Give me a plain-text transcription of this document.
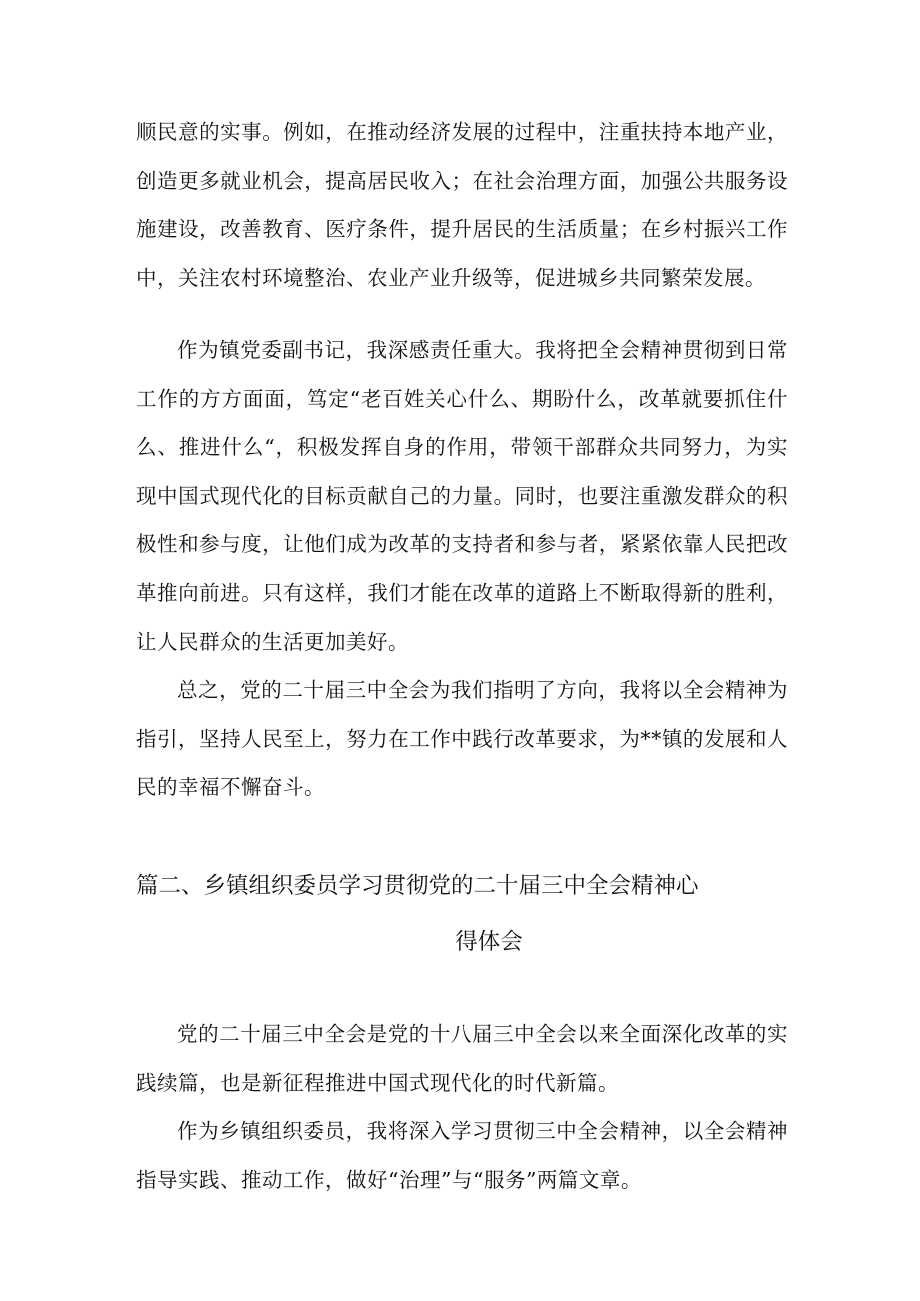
顺民意的实事。例如，在推动经济发展的过程中，注重扶持本地产业，创造更多就业机会，提高居民收入；在社会治理方面，加强公共服务设施建设，改善教育、医疗条件，提升居民的生活质量；在乡村振兴工作中，关注农村环境整治、农业产业升级等，促进城乡共同繁荣发展。

作为镇党委副书记，我深感责任重大。我将把全会精神贯彻到日常工作的方方面面，笃定“老百姓关心什么、期盼什么，改革就要抓住什么、推进什么“，积极发挥自身的作用，带领干部群众共同努力，为实现中国式现代化的目标贡献自己的力量。同时，也要注重激发群众的积极性和参与度，让他们成为改革的支持者和参与者，紧紧依靠人民把改革推向前进。只有这样，我们才能在改革的道路上不断取得新的胜利，让人民群众的生活更加美好。

总之，党的二十届三中全会为我们指明了方向，我将以全会精神为指引，坚持人民至上，努力在工作中践行改革要求，为**镇的发展和人民的幸福不懈奋斗。

篇二、乡镇组织委员学习贯彻党的二十届三中全会精神心
得体会

党的二十届三中全会是党的十八届三中全会以来全面深化改革的实践续篇，也是新征程推进中国式现代化的时代新篇。

作为乡镇组织委员，我将深入学习贯彻三中全会精神，以全会精神指导实践、推动工作，做好“治理”与“服务”两篇文章。
